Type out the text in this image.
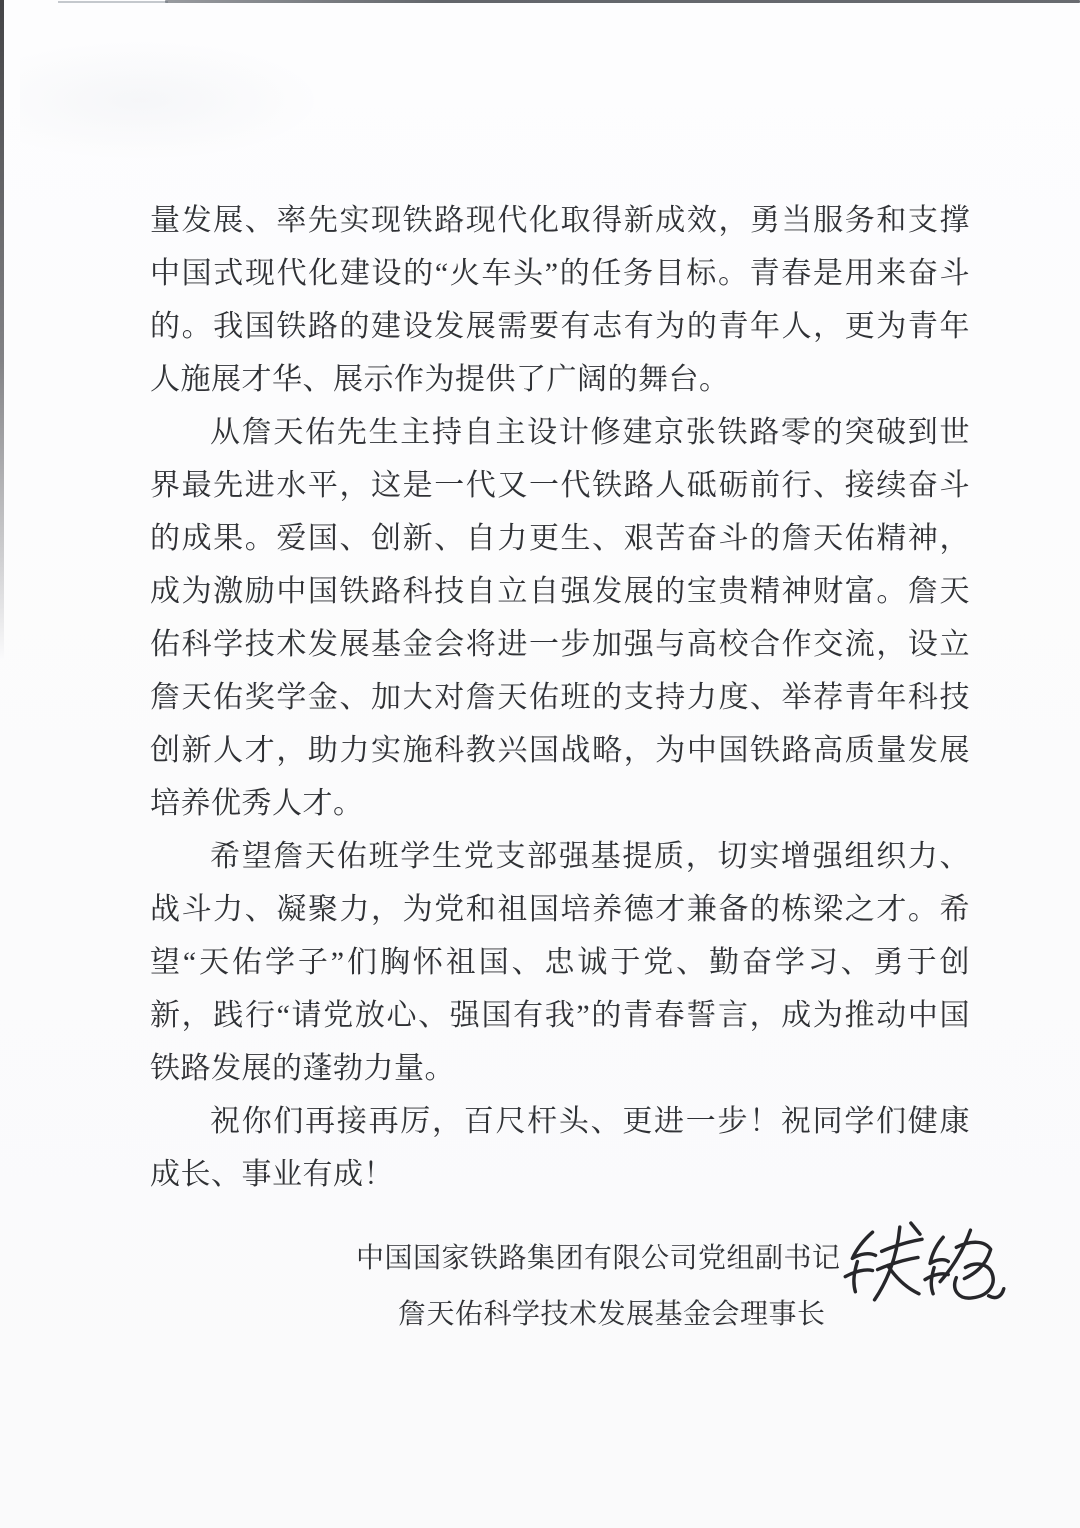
量发展、率先实现铁路现代化取得新成效，勇当服务和支撑中国式现代化建设的“火车头”的任务目标。青春是用来奋斗的。我国铁路的建设发展需要有志有为的青年人，更为青年人施展才华、展示作为提供了广阔的舞台。

从詹天佑先生主持自主设计修建京张铁路零的突破到世界最先进水平，这是一代又一代铁路人砥砺前行、接续奋斗的成果。爱国、创新、自力更生、艰苦奋斗的詹天佑精神，成为激励中国铁路科技自立自强发展的宝贵精神财富。詹天佑科学技术发展基金会将进一步加强与高校合作交流，设立詹天佑奖学金、加大对詹天佑班的支持力度、举荐青年科技创新人才，助力实施科教兴国战略，为中国铁路高质量发展培养优秀人才。

希望詹天佑班学生党支部强基提质，切实增强组织力、战斗力、凝聚力，为党和祖国培养德才兼备的栋梁之才。希望“天佑学子”们胸怀祖国、忠诚于党、勤奋学习、勇于创新，践行“请党放心、强国有我”的青春誓言，成为推动中国铁路发展的蓬勃力量。

祝你们再接再厉，百尺杆头、更进一步！祝同学们健康成长、事业有成！

中国国家铁路集团有限公司党组副书记
詹天佑科学技术发展基金会理事长
